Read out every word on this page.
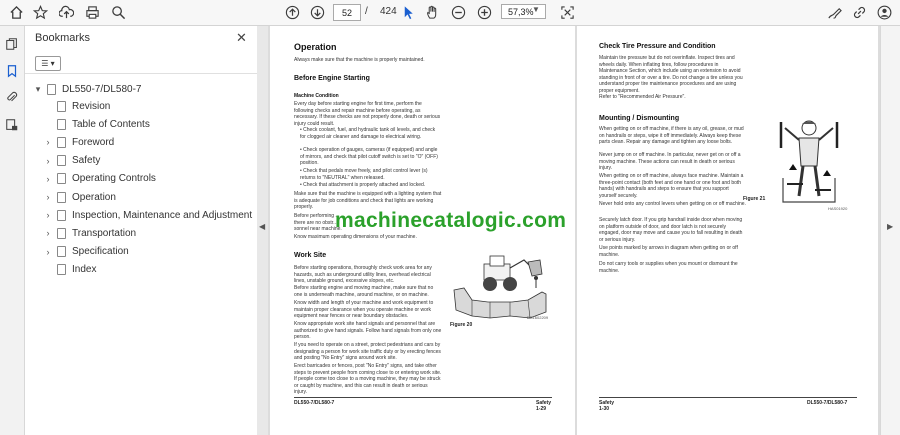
52	/ 424	57,3%
▼
Bookmarks	✕
☰ ▾
▾ DL550-7/DL580-7
Revision
Table of Contents
›	Foreword
›	Safety
›	Operating Controls
›	Operation
›	Inspection, Maintenance and Adjustment
›	Transportation
›	Specification
Index
◀
Operation
Always make sure that the machine is properly maintained.
Before Engine Starting
Machine Condition
Every day before starting engine for first time, perform the following checks and repair machine before operating, as necessary. If these checks are not properly done, death or serious injury could result.
• Check coolant, fuel, and hydraulic tank oil levels, and check for clogged air cleaner and damage to electrical wiring.
• Check operation of gauges, cameras (if equipped) and angle of mirrors, and check that pilot cutoff switch is set to "O" (OFF) position.
• Check that pedals move freely, and pilot control lever (s) returns to "NEUTRAL" when released.
• Check that attachment is properly attached and locked.
Make sure that the machine is equipped with a lighting system that is adequate for job conditions and check that lights are working properly.
Before performing ...
there are no obstr...
sonnel near machine.
Know maximum operating dimensions of your machine.
Work Site
Before starting operations, thoroughly check work area for any hazards, such as underground utility lines, overhead electrical lines, unstable ground, excessive slopes, etc.
Before starting engine and moving machine, make sure that no one is underneath machine, around machine, or on machine.
Know width and length of your machine and work equipment to maintain proper clearance when you operate machine or work equipment near fences or near boundary obstacles.
Know appropriate work site hand signals and personnel that are authorized to give hand signals. Follow hand signals from only one person.
If you need to operate on a street, protect pedestrians and cars by designating a person for work site traffic duty or by erecting fences and posting "No Entry" signs around work site.
Erect barricades or fences, post "No Entry" signs, and take other steps to prevent people from coming close to or entering work site. If people come too close to a moving machine, they may be struck or caught by machine, and this can result in death or serious injury.
Figure 20
DS1602209
DL550-7/DL580-7	Safety
1-29
Check Tire Pressure and Condition
Maintain tire pressure but do not overinflate. Inspect tires and wheels daily. When inflating tires, follow procedures in Maintenance Section, which include using an extension to avoid standing in front of or over a tire. Do not change a tire unless you understand proper tire maintenance procedures and are using proper equipment.
Refer to "Recommended Air Pressure".
Mounting / Dismounting
When getting on or off machine, if there is any oil, grease, or mud on handrails or steps, wipe it off immediately. Always keep these parts clean. Repair any damage and tighten any loose bolts.
Never jump on or off machine. In particular, never get on or off a moving machine. These actions can result in death or serious injury.
When getting on or off machine, always face machine. Maintain a three-point contact (both feet and one hand or one foot and both hands) with handrails and steps to ensure that you support yourself securely.
Never hold onto any control levers when getting on or off machine.
Securely latch door. If you grip handrail inside door when moving on platform outside of door, and door latch is not securely engaged, door may move and cause you to fall resulting in death or serious injury.
Use points marked by arrows in diagram when getting on or off machine.
Do not carry tools or supplies when you mount or dismount the machine.
Figure 21
HAS01920
Safety
1-30
DL550-7/DL580-7
▶
machinecatalogic.com
